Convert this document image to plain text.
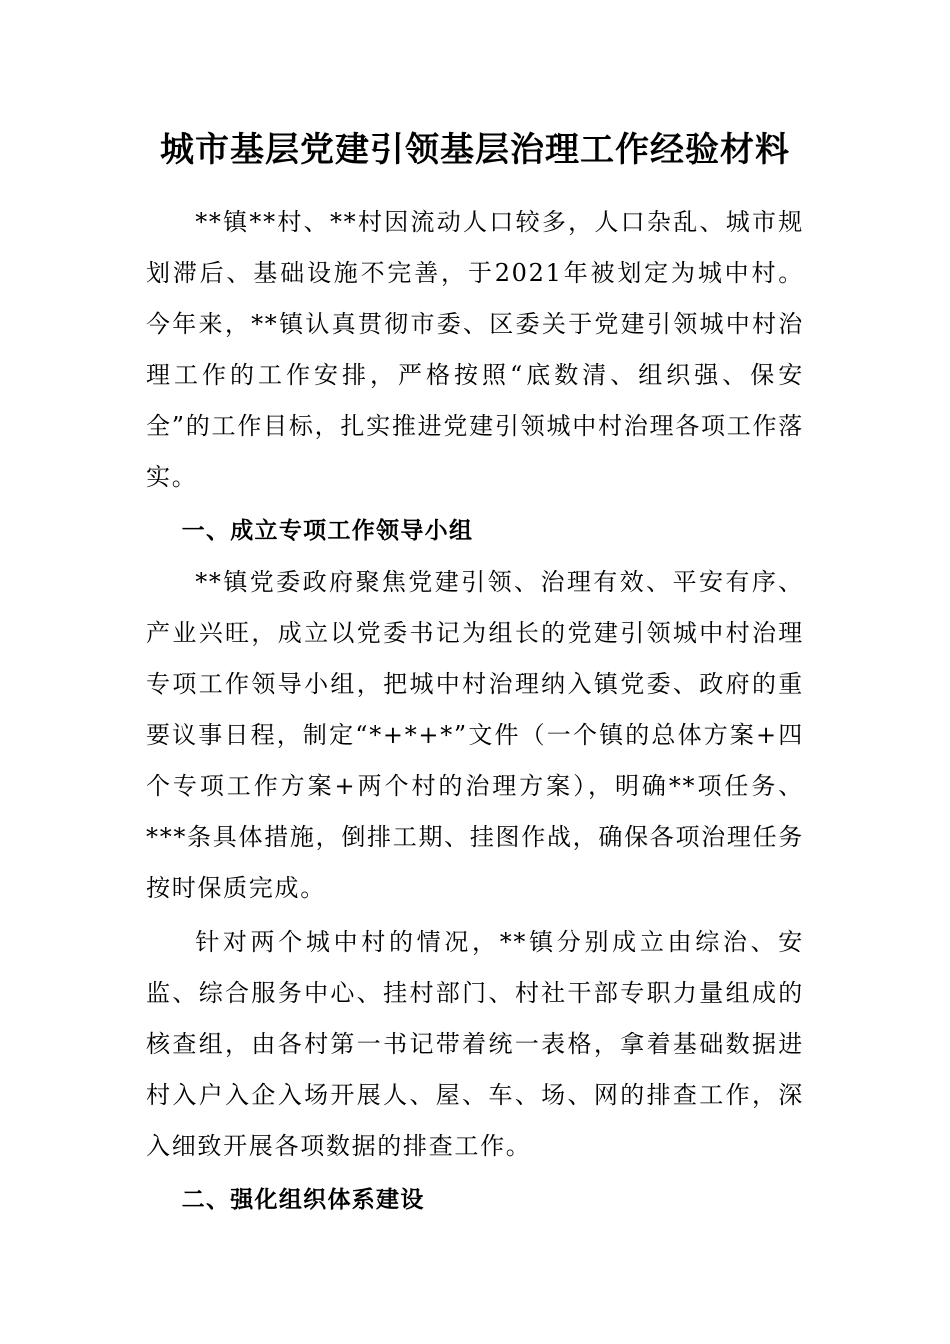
城市基层党建引领基层治理工作经验材料

**镇**村、**村因流动人口较多，人口杂乱、城市规划滞后、基础设施不完善，于2021年被划定为城中村。今年来，**镇认真贯彻市委、区委关于党建引领城中村治理工作的工作安排，严格按照“底数清、组织强、保安全”的工作目标，扎实推进党建引领城中村治理各项工作落实。

一、成立专项工作领导小组

**镇党委政府聚焦党建引领、治理有效、平安有序、产业兴旺，成立以党委书记为组长的党建引领城中村治理专项工作领导小组，把城中村治理纳入镇党委、政府的重要议事日程，制定“*+*+*”文件（一个镇的总体方案+四个专项工作方案+两个村的治理方案），明确**项任务、***条具体措施，倒排工期、挂图作战，确保各项治理任务按时保质完成。

针对两个城中村的情况，**镇分别成立由综治、安监、综合服务中心、挂村部门、村社干部专职力量组成的核查组，由各村第一书记带着统一表格，拿着基础数据进村入户入企入场开展人、屋、车、场、网的排查工作，深入细致开展各项数据的排查工作。

二、强化组织体系建设
